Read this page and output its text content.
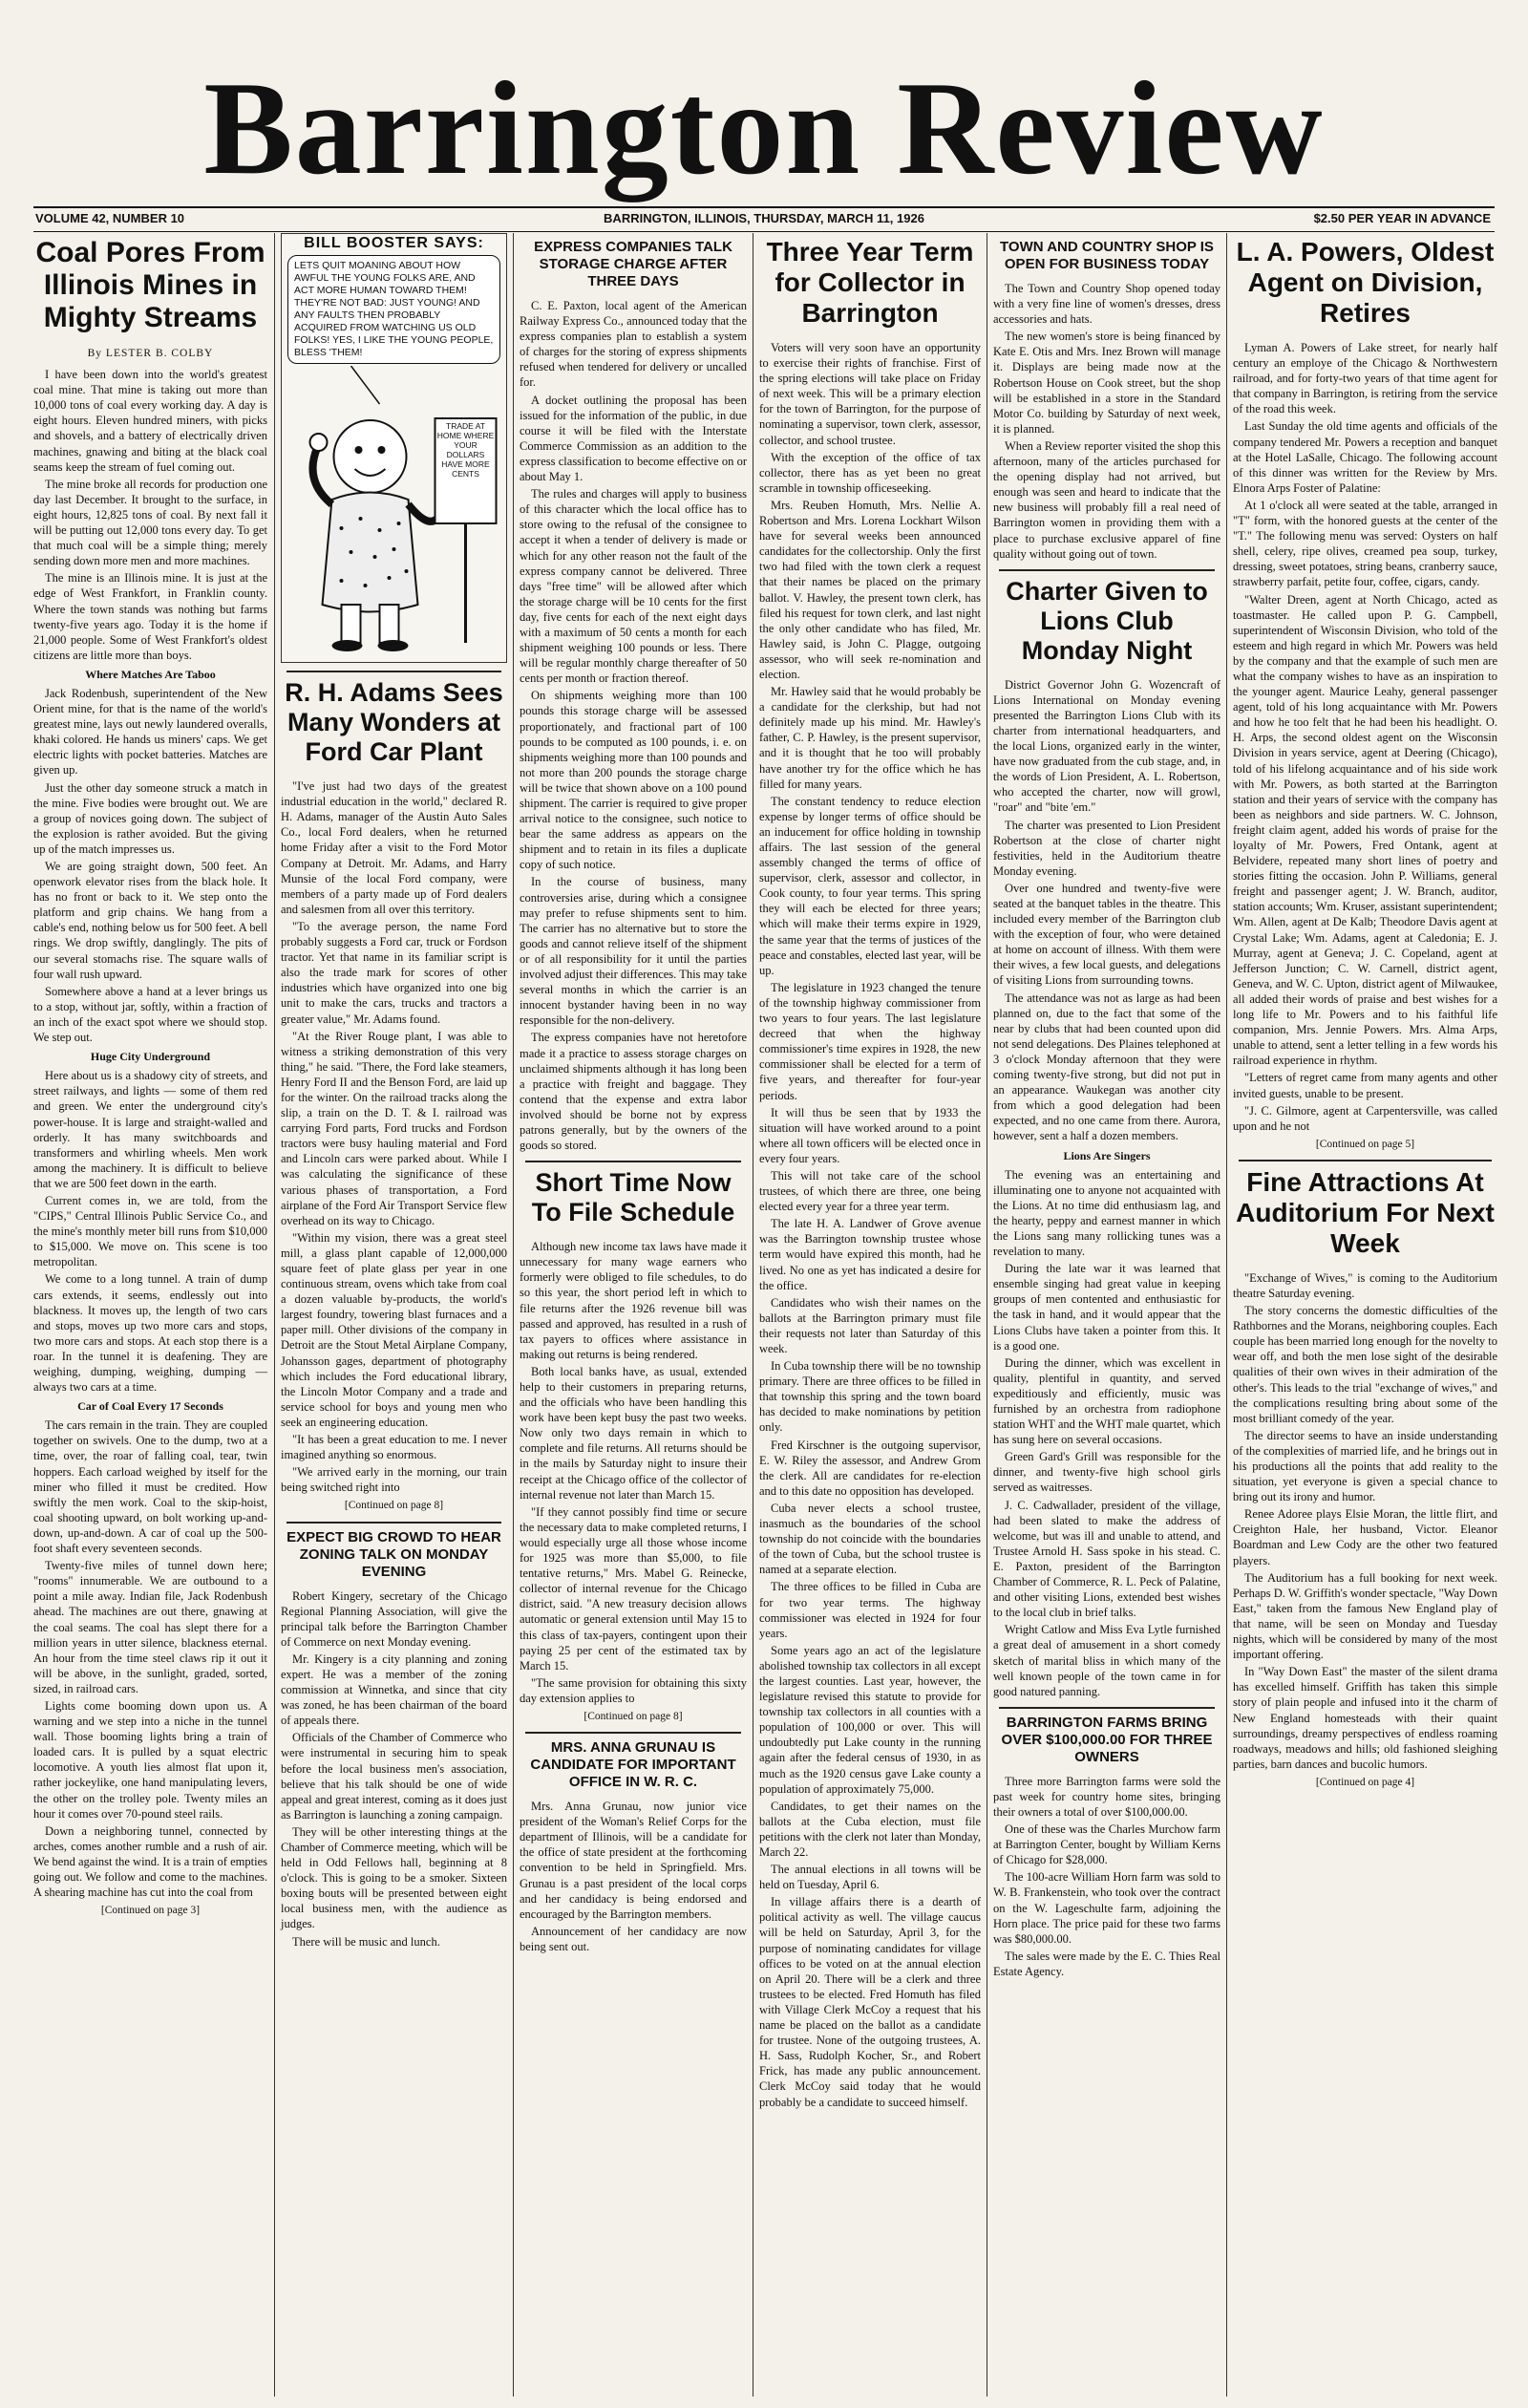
Barrington Review
VOLUME 42, NUMBER 10	BARRINGTON, ILLINOIS, THURSDAY, MARCH 11, 1926	$2.50 PER YEAR IN ADVANCE
Coal Pores From Illinois Mines in Mighty Streams

By LESTER B. COLBY

I have been down into the world's greatest coal mine. That mine is taking out more than 10,000 tons of coal every working day. A day is eight hours. Eleven hundred miners, with picks and shovels, and a battery of electrically driven machines, gnawing and biting at the black coal seams keep the stream of fuel coming out.

The mine broke all records for production one day last December. It brought to the surface, in eight hours, 12,825 tons of coal. By next fall it will be putting out 12,000 tons every day. To get that much coal will be a simple thing; merely sending down more men and more machines.

The mine is an Illinois mine. It is just at the edge of West Frankfort, in Franklin county. Where the town stands was nothing but farms twenty-five years ago. Today it is the home if 21,000 people. Some of West Frankfort's oldest citizens are little more than boys.

Where Matches Are Taboo

Jack Rodenbush, superintendent of the New Orient mine, for that is the name of the world's greatest mine, lays out newly laundered overalls, khaki colored. He hands us miners' caps. We get electric lights with pocket batteries. Matches are given up.

Just the other day someone struck a match in the mine. Five bodies were brought out. We are a group of novices going down. The subject of the explosion is rather avoided. But the giving up of the match impresses us.

We are going straight down, 500 feet. An openwork elevator rises from the black hole. It has no front or back to it. We step onto the platform and grip chains. We hang from a cable's end, nothing below us for 500 feet. A bell rings. We drop swiftly, danglingly. The pits of our several stomachs rise. The square walls of four wall rush upward.

Somewhere above a hand at a lever brings us to a stop, without jar, softly, within a fraction of an inch of the exact spot where we should stop. We step out.

Huge City Underground

Here about us is a shadowy city of streets, and street railways, and lights — some of them red and green. We enter the underground city's power-house. It is large and straight-walled and orderly. It has many switchboards and transformers and whirling wheels. Men work among the machinery. It is difficult to believe that we are 500 feet down in the earth.

Current comes in, we are told, from the "CIPS," Central Illinois Public Service Co., and the mine's monthly meter bill runs from $10,000 to $15,000. We move on. This scene is too metropolitan.

We come to a long tunnel. A train of dump cars extends, it seems, endlessly out into blackness. It moves up, the length of two cars and stops, moves up two more cars and stops, two more cars and stops. At each stop there is a roar. In the tunnel it is deafening. They are weighing, dumping, weighing, dumping — always two cars at a time.

Car of Coal Every 17 Seconds

The cars remain in the train. They are coupled together on swivels. One to the dump, two at a time, over, the roar of falling coal, tear, twin hoppers. Each carload weighed by itself for the miner who filled it must be credited. How swiftly the men work. Coal to the skip-hoist, coal shooting upward, on bolt working up-and-down, up-and-down. A car of coal up the 500-foot shaft every seventeen seconds.

Twenty-five miles of tunnel down here; "rooms" innumerable. We are outbound to a point a mile away. Indian file, Jack Rodenbush ahead. The machines are out there, gnawing at the coal seams. The coal has slept there for a million years in utter silence, blackness eternal. An hour from the time steel claws rip it out it will be above, in the sunlight, graded, sorted, sized, in railroad cars.

Lights come booming down upon us. A warning and we step into a niche in the tunnel wall. Those booming lights bring a train of loaded cars. It is pulled by a squat electric locomotive. A youth lies almost flat upon it, rather jockeylike, one hand manipulating levers, the other on the trolley pole. Twenty miles an hour it comes over 70-pound steel rails.

Down a neighboring tunnel, connected by arches, comes another rumble and a rush of air. We bend against the wind. It is a train of empties going out. We follow and come to the machines. A shearing machine has cut into the coal from

[Continued on page 3]

BILL BOOSTER SAYS:
LETS QUIT MOANING ABOUT HOW AWFUL THE YOUNG FOLKS ARE, AND ACT MORE HUMAN TOWARD THEM! THEY'RE NOT BAD: JUST YOUNG! AND ANY FAULTS THEN PROBABLY ACQUIRED FROM WATCHING US OLD FOLKS! YES, I LIKE THE YOUNG PEOPLE, BLESS 'THEM!
TRADE AT HOME WHERE YOUR DOLLARS HAVE MORE CENTS
R. H. Adams Sees Many Wonders at Ford Car Plant

"I've just had two days of the greatest industrial education in the world," declared R. H. Adams, manager of the Austin Auto Sales Co., local Ford dealers, when he returned home Friday after a visit to the Ford Motor Company at Detroit. Mr. Adams, and Harry Munsie of the local Ford company, were members of a party made up of Ford dealers and salesmen from all over this territory.

"To the average person, the name Ford probably suggests a Ford car, truck or Fordson tractor. Yet that name in its familiar script is also the trade mark for scores of other industries which have organized into one big unit to make the cars, trucks and tractors a greater value," Mr. Adams found.

"At the River Rouge plant, I was able to witness a striking demonstration of this very thing," he said. "There, the Ford lake steamers, Henry Ford II and the Benson Ford, are laid up for the winter. On the railroad tracks along the slip, a train on the D. T. & I. railroad was carrying Ford parts, Ford trucks and Fordson tractors were busy hauling material and Ford and Lincoln cars were parked about. While I was calculating the significance of these various phases of transportation, a Ford airplane of the Ford Air Transport Service flew overhead on its way to Chicago.

"Within my vision, there was a great steel mill, a glass plant capable of 12,000,000 square feet of plate glass per year in one continuous stream, ovens which take from coal a dozen valuable by-products, the world's largest foundry, towering blast furnaces and a paper mill. Other divisions of the company in Detroit are the Stout Metal Airplane Company, Johansson gages, department of photography which includes the Ford educational library, the Lincoln Motor Company and a trade and service school for boys and young men who seek an engineering education.

"It has been a great education to me. I never imagined anything so enormous.

"We arrived early in the morning, our train being switched right into

[Continued on page 8]

EXPECT BIG CROWD TO HEAR ZONING TALK ON MONDAY EVENING

Robert Kingery, secretary of the Chicago Regional Planning Association, will give the principal talk before the Barrington Chamber of Commerce on next Monday evening.

Mr. Kingery is a city planning and zoning expert. He was a member of the zoning commission at Winnetka, and since that city was zoned, he has been chairman of the board of appeals there.

Officials of the Chamber of Commerce who were instrumental in securing him to speak before the local business men's association, believe that his talk should be one of wide appeal and great interest, coming as it does just as Barrington is launching a zoning campaign.

They will be other interesting things at the Chamber of Commerce meeting, which will be held in Odd Fellows hall, beginning at 8 o'clock. This is going to be a smoker. Sixteen boxing bouts will be presented between eight local business men, with the audience as judges.

There will be music and lunch.

EXPRESS COMPANIES TALK STORAGE CHARGE AFTER THREE DAYS

C. E. Paxton, local agent of the American Railway Express Co., announced today that the express companies plan to establish a system of charges for the storing of express shipments refused when tendered for delivery or uncalled for.

A docket outlining the proposal has been issued for the information of the public, in due course it will be filed with the Interstate Commerce Commission as an addition to the express classification to become effective on or about May 1.

The rules and charges will apply to business of this character which the local office has to store owing to the refusal of the consignee to accept it when a tender of delivery is made or which for any other reason not the fault of the express company cannot be delivered. Three days "free time" will be allowed after which the storage charge will be 10 cents for the first day, five cents for each of the next eight days with a maximum of 50 cents a month for each shipment weighing 100 pounds or less. There will be regular monthly charge thereafter of 50 cents per month or fraction thereof.

On shipments weighing more than 100 pounds this storage charge will be assessed proportionately, and fractional part of 100 pounds to be computed as 100 pounds, i. e. on shipments weighing more than 100 pounds and not more than 200 pounds the storage charge will be twice that shown above on a 100 pound shipment. The carrier is required to give proper arrival notice to the consignee, such notice to bear the same address as appears on the shipment and to retain in its files a duplicate copy of such notice.

In the course of business, many controversies arise, during which a consignee may prefer to refuse shipments sent to him. The carrier has no alternative but to store the goods and cannot relieve itself of the shipment or of all responsibility for it until the parties involved adjust their differences. This may take several months in which the carrier is an innocent bystander having been in no way responsible for the non-delivery.

The express companies have not heretofore made it a practice to assess storage charges on unclaimed shipments although it has long been a practice with freight and baggage. They contend that the expense and extra labor involved should be borne not by express patrons generally, but by the owners of the goods so stored.

Short Time Now To File Schedule

Although new income tax laws have made it unnecessary for many wage earners who formerly were obliged to file schedules, to do so this year, the short period left in which to file returns after the 1926 revenue bill was passed and approved, has resulted in a rush of tax payers to offices where assistance in making out returns is being rendered.

Both local banks have, as usual, extended help to their customers in preparing returns, and the officials who have been handling this work have been kept busy the past two weeks. Now only two days remain in which to complete and file returns. All returns should be in the mails by Saturday night to insure their receipt at the Chicago office of the collector of internal revenue not later than March 15.

"If they cannot possibly find time or secure the necessary data to make completed returns, I would especially urge all those whose income for 1925 was more than $5,000, to file tentative returns," Mrs. Mabel G. Reinecke, collector of internal revenue for the Chicago district, said. "A new treasury decision allows automatic or general extension until May 15 to this class of tax-payers, contingent upon their paying 25 per cent of the estimated tax by March 15.

"The same provision for obtaining this sixty day extension applies to

[Continued on page 8]

MRS. ANNA GRUNAU IS CANDIDATE FOR IMPORTANT OFFICE IN W. R. C.

Mrs. Anna Grunau, now junior vice president of the Woman's Relief Corps for the department of Illinois, will be a candidate for the office of state president at the forthcoming convention to be held in Springfield. Mrs. Grunau is a past president of the local corps and her candidacy is being endorsed and encouraged by the Barrington members.

Announcement of her candidacy are now being sent out.

Three Year Term for Collector in Barrington

Voters will very soon have an opportunity to exercise their rights of franchise. First of the spring elections will take place on Friday of next week. This will be a primary election for the town of Barrington, for the purpose of nominating a supervisor, town clerk, assessor, collector, and school trustee.

With the exception of the office of tax collector, there has as yet been no great scramble in township officeseeking.

Mrs. Reuben Homuth, Mrs. Nellie A. Robertson and Mrs. Lorena Lockhart Wilson have for several weeks been announced candidates for the collectorship. Only the first two had filed with the town clerk a request that their names be placed on the primary ballot. V. Hawley, the present town clerk, has filed his request for town clerk, and last night the only other candidate who has filed, Mr. Hawley said, is John C. Plagge, outgoing assessor, who will seek re-nomination and election.

Mr. Hawley said that he would probably be a candidate for the clerkship, but had not definitely made up his mind. Mr. Hawley's father, C. P. Hawley, is the present supervisor, and it is thought that he too will probably have another try for the office which he has filled for many years.

The constant tendency to reduce election expense by longer terms of office should be an inducement for office holding in township affairs. The last session of the general assembly changed the terms of office of supervisor, clerk, assessor and collector, in Cook county, to four year terms. This spring they will each be elected for three years; which will make their terms expire in 1929, the same year that the terms of justices of the peace and constables, elected last year, will be up.

The legislature in 1923 changed the tenure of the township highway commissioner from two years to four years. The last legislature decreed that when the highway commissioner's time expires in 1928, the new commissioner shall be elected for a term of five years, and thereafter for four-year periods.

It will thus be seen that by 1933 the situation will have worked around to a point where all town officers will be elected once in every four years.

This will not take care of the school trustees, of which there are three, one being elected every year for a three year term.

The late H. A. Landwer of Grove avenue was the Barrington township trustee whose term would have expired this month, had he lived. No one as yet has indicated a desire for the office.

Candidates who wish their names on the ballots at the Barrington primary must file their requests not later than Saturday of this week.

In Cuba township there will be no township primary. There are three offices to be filled in that township this spring and the town board has decided to make nominations by petition only.

Fred Kirschner is the outgoing supervisor, E. W. Riley the assessor, and Andrew Grom the clerk. All are candidates for re-election and to this date no opposition has developed.

Cuba never elects a school trustee, inasmuch as the boundaries of the school township do not coincide with the boundaries of the town of Cuba, but the school trustee is named at a separate election.

The three offices to be filled in Cuba are for two year terms. The highway commissioner was elected in 1924 for four years.

Some years ago an act of the legislature abolished township tax collectors in all except the largest counties. Last year, however, the legislature revised this statute to provide for township tax collectors in all counties with a population of 100,000 or over. This will undoubtedly put Lake county in the running again after the federal census of 1930, in as much as the 1920 census gave Lake county a population of approximately 75,000.

Candidates, to get their names on the ballots at the Cuba election, must file petitions with the clerk not later than Monday, March 22.

The annual elections in all towns will be held on Tuesday, April 6.

In village affairs there is a dearth of political activity as well. The village caucus will be held on Saturday, April 3, for the purpose of nominating candidates for village offices to be voted on at the annual election on April 20. There will be a clerk and three trustees to be elected. Fred Homuth has filed with Village Clerk McCoy a request that his name be placed on the ballot as a candidate for trustee. None of the outgoing trustees, A. H. Sass, Rudolph Kocher, Sr., and Robert Frick, has made any public announcement. Clerk McCoy said today that he would probably be a candidate to succeed himself.

TOWN AND COUNTRY SHOP IS OPEN FOR BUSINESS TODAY

The Town and Country Shop opened today with a very fine line of women's dresses, dress accessories and hats.

The new women's store is being financed by Kate E. Otis and Mrs. Inez Brown will manage it. Displays are being made now at the Robertson House on Cook street, but the shop will be established in a store in the Standard Motor Co. building by Saturday of next week, it is planned.

When a Review reporter visited the shop this afternoon, many of the articles purchased for the opening display had not arrived, but enough was seen and heard to indicate that the new business will probably fill a real need of Barrington women in providing them with a place to purchase exclusive apparel of fine quality without going out of town.

Charter Given to Lions Club Monday Night

District Governor John G. Wozencraft of Lions International on Monday evening presented the Barrington Lions Club with its charter from international headquarters, and the local Lions, organized early in the winter, have now graduated from the cub stage, and, in the words of Lion President, A. L. Robertson, who accepted the charter, now will growl, "roar" and "bite 'em."

The charter was presented to Lion President Robertson at the close of charter night festivities, held in the Auditorium theatre Monday evening.

Over one hundred and twenty-five were seated at the banquet tables in the theatre. This included every member of the Barrington club with the exception of four, who were detained at home on account of illness. With them were their wives, a few local guests, and delegations of visiting Lions from surrounding towns.

The attendance was not as large as had been planned on, due to the fact that some of the near by clubs that had been counted upon did not send delegations. Des Plaines telephoned at 3 o'clock Monday afternoon that they were coming twenty-five strong, but did not put in an appearance. Waukegan was another city from which a good delegation had been expected, and no one came from there. Aurora, however, sent a half a dozen members.

Lions Are Singers

The evening was an entertaining and illuminating one to anyone not acquainted with the Lions. At no time did enthusiasm lag, and the hearty, peppy and earnest manner in which the Lions sang many rollicking tunes was a revelation to many.

During the late war it was learned that ensemble singing had great value in keeping groups of men contented and enthusiastic for the task in hand, and it would appear that the Lions Clubs have taken a pointer from this. It is a good one.

During the dinner, which was excellent in quality, plentiful in quantity, and served expeditiously and efficiently, music was furnished by an orchestra from radiophone station WHT and the WHT male quartet, which has sung here on several occasions.

Green Gard's Grill was responsible for the dinner, and twenty-five high school girls served as waitresses.

J. C. Cadwallader, president of the village, had been slated to make the address of welcome, but was ill and unable to attend, and Trustee Arnold H. Sass spoke in his stead. C. E. Paxton, president of the Barrington Chamber of Commerce, R. L. Peck of Palatine, and other visiting Lions, extended best wishes to the local club in brief talks.

Wright Catlow and Miss Eva Lytle furnished a great deal of amusement in a short comedy sketch of marital bliss in which many of the well known people of the town came in for good natured panning.

BARRINGTON FARMS BRING OVER $100,000.00 FOR THREE OWNERS

Three more Barrington farms were sold the past week for country home sites, bringing their owners a total of over $100,000.00.

One of these was the Charles Murchow farm at Barrington Center, bought by William Kerns of Chicago for $28,000.

The 100-acre William Horn farm was sold to W. B. Frankenstein, who took over the contract on the W. Lageschulte farm, adjoining the Horn place. The price paid for these two farms was $80,000.00.

The sales were made by the E. C. Thies Real Estate Agency.

L. A. Powers, Oldest Agent on Division, Retires

Lyman A. Powers of Lake street, for nearly half century an employe of the Chicago & Northwestern railroad, and for forty-two years of that time agent for that company in Barrington, is retiring from the service of the road this week.

Last Sunday the old time agents and officials of the company tendered Mr. Powers a reception and banquet at the Hotel LaSalle, Chicago. The following account of this dinner was written for the Review by Mrs. Elnora Arps Foster of Palatine:

At 1 o'clock all were seated at the table, arranged in "T" form, with the honored guests at the center of the "T." The following menu was served: Oysters on half shell, celery, ripe olives, creamed pea soup, turkey, dressing, sweet potatoes, string beans, cranberry sauce, strawberry parfait, petite four, coffee, cigars, candy.

"Walter Dreen, agent at North Chicago, acted as toastmaster. He called upon P. G. Campbell, superintendent of Wisconsin Division, who told of the esteem and high regard in which Mr. Powers was held by the company and that the example of such men are what the company wishes to have as an inspiration to the younger agent. Maurice Leahy, general passenger agent, told of his long acquaintance with Mr. Powers and how he too felt that he had been his headlight. O. H. Arps, the second oldest agent on the Wisconsin Division in years service, agent at Deering (Chicago), told of his lifelong acquaintance and of his side work with Mr. Powers, as both started at the Barrington station and their years of service with the company has been as neighbors and side partners. W. C. Johnson, freight claim agent, added his words of praise for the loyalty of Mr. Powers, Fred Ontank, agent at Belvidere, repeated many short lines of poetry and stories fitting the occasion. John P. Williams, general freight and passenger agent; J. W. Branch, auditor, station accounts; Wm. Kruser, assistant superintendent; Wm. Allen, agent at De Kalb; Theodore Davis agent at Crystal Lake; Wm. Adams, agent at Caledonia; E. J. Murray, agent at Geneva; J. C. Copeland, agent at Jefferson Junction; C. W. Carnell, district agent, Geneva, and W. C. Upton, district agent of Milwaukee, all added their words of praise and best wishes for a long life to Mr. Powers and to his faithful life companion, Mrs. Jennie Powers. Mrs. Alma Arps, unable to attend, sent a letter telling in a few words his railroad experience in rhythm.

"Letters of regret came from many agents and other invited guests, unable to be present.

"J. C. Gilmore, agent at Carpentersville, was called upon and he not

[Continued on page 5]

Fine Attractions At Auditorium For Next Week

"Exchange of Wives," is coming to the Auditorium theatre Saturday evening.

The story concerns the domestic difficulties of the Rathbornes and the Morans, neighboring couples. Each couple has been married long enough for the novelty to wear off, and both the men lose sight of the desirable qualities of their own wives in their admiration of the other's. This leads to the trial "exchange of wives," and the complications resulting bring about some of the most brilliant comedy of the year.

The director seems to have an inside understanding of the complexities of married life, and he brings out in his productions all the points that add reality to the situation, yet everyone is given a special chance to bring out its irony and humor.

Renee Adoree plays Elsie Moran, the little flirt, and Creighton Hale, her husband, Victor. Eleanor Boardman and Lew Cody are the other two featured players.

The Auditorium has a full booking for next week. Perhaps D. W. Griffith's wonder spectacle, "Way Down East," taken from the famous New England play of that name, will be seen on Monday and Tuesday nights, which will be considered by many of the most important offering.

In "Way Down East" the master of the silent drama has excelled himself. Griffith has taken this simple story of plain people and infused into it the charm of New England homesteads with their quaint surroundings, dreamy perspectives of endless roaming roadways, meadows and hills; old fashioned sleighing parties, barn dances and bucolic humors.

[Continued on page 4]
